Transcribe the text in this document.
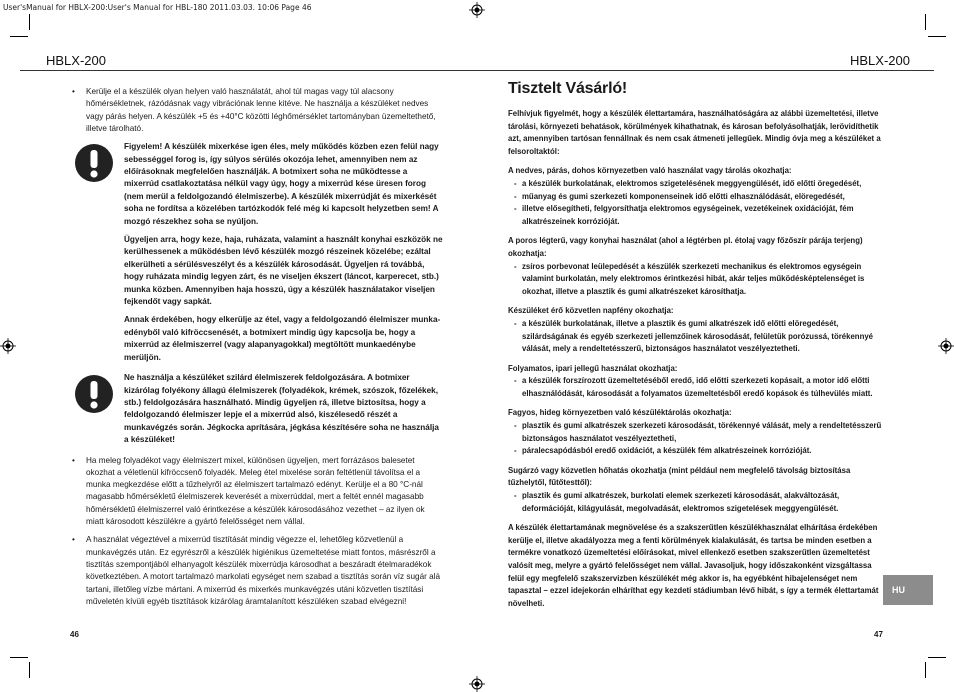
User'sManual for HBLX-200:User's Manual for HBL-180 2011.03.03. 10:06 Page 46
HBLX-200
• Kerülje el a készülék olyan helyen való használatát, ahol túl magas vagy túl alacsony hőmérsékletnek, rázódásnak vagy vibrációnak lenne kitéve. Ne használja a készüléket nedves vagy párás helyen. A készülék +5 és +40°C közötti léghőmérséklet tartományban üzemeltethető, illetve tárolható.

Figyelem! A készülék mixerkése igen éles, mely működés közben ezen felül nagy sebességgel forog is, így súlyos sérülés okozója lehet, amennyiben nem az előírásoknak megfelelően használják. A botmixert soha ne működtesse a mixerrúd csatlakoztatása nélkül vagy úgy, hogy a mixerrúd kése üresen forog (nem merül a feldolgozandó élelmiszerbe). A készülék mixerrúdját és mixerkését soha ne fordítsa a közelében tartózkodók felé még ki kapcsolt helyzetben sem! A mozgó részekhez soha se nyúljon.

Ügyeljen arra, hogy keze, haja, ruházata, valamint a használt konyhai eszközök ne kerülhessenek a működésben lévő készülék mozgó részeinek közelébe; ezáltal elkerülheti a sérülésveszélyt és a készülék károsodását. Ügyeljen rá továbbá, hogy ruházata mindig legyen zárt, és ne viseljen ékszert (láncot, karperecet, stb.) munka közben. Amennyiben haja hosszú, úgy a készülék használatakor viseljen fejkendőt vagy sapkát.

Annak érdekében, hogy elkerülje az étel, vagy a feldolgozandó élelmiszer munka-edényből való kifröccsenését, a botmixert mindig úgy kapcsolja be, hogy a mixerrúd az élelmiszerrel (vagy alapanyagokkal) megtöltött munkaedénybe merüljön.

Ne használja a készüléket szilárd élelmiszerek feldolgozására. A botmixer kizárólag folyékony állagú élelmiszerek (folyadékok, krémek, szószok, főzelékek, stb.) feldolgozására használható. Mindig ügyeljen rá, illetve biztosítsa, hogy a feldolgozandó élelmiszer lepje el a mixerrúd alsó, kiszélesedő részét a munkavégzés során. Jégkocka aprítására, jégkása készítésére soha ne használja a készüléket!

• Ha meleg folyadékot vagy élelmiszert mixel, különösen ügyeljen, mert forrázásos balesetet okozhat a véletlenül kifröccsenő folyadék. Meleg étel mixelése során feltétlenül távolítsa el a munka megkezdése előtt a tűzhelyről az élelmiszert tartalmazó edényt. Kerülje el a 80 °C-nál magasabb hőmérsékletű élelmiszerek keverését a mixerrúddal, mert a feltét ennél magasabb hőmérsékletű élelmiszerrel való érintkezése a készülék károsodásához vezethet – az ilyen ok miatt károsodott készülékre a gyártó felelősséget nem vállal.
• A használat végeztével a mixerrúd tisztítását mindig végezze el, lehetőleg közvetlenül a munkavégzés után. Ez egyrészről a készülék higiénikus üzemeltetése miatt fontos, másrészről a tisztítás szempontjából elhanyagolt készülék mixerrúdja károsodhat a beszáradt ételmaradékok következtében. A motort tartalmazó markolati egységet nem szabad a tisztítás során víz sugár alá tartani, illetőleg vízbe mártani. A mixerrúd és mixerkés munkavégzés utáni közvetlen tisztítási műveletén kívüli egyéb tisztítások kizárólag áramtalanított készüléken szabad elvégezni!
46
HBLX-200
Tisztelt Vásárló!

Felhívjuk figyelmét, hogy a készülék élettartamára, használhatóságára az alábbi üzemeltetési, illetve tárolási, környezeti behatások, körülmények kihathatnak, és károsan befolyásolhatják, lerövidíthetik azt, amennyiben tartósan fennállnak és nem csak átmeneti jellegűek. Mindig óvja meg a készüléket a felsoroltaktól:

A nedves, párás, dohos környezetben való használat vagy tárolás okozhatja:

- a készülék burkolatának, elektromos szigetelésének meggyengülését, idő előtti öregedését,
- műanyag és gumi szerkezeti komponenseinek idő előtti elhasználódását, elöregedését,
- illetve elősegítheti, felgyorsíthatja elektromos egységeinek, vezetékeinek oxidációját, fém alkatrészeinek korrózióját.

A poros légterű, vagy konyhai használat (ahol a légtérben pl. étolaj vagy főzőszír párája terjeng) okozhatja:

- zsíros porbevonat leülepedését a készülék szerkezeti mechanikus és elektromos egységein valamint burkolatán, mely elektromos érintkezési hibát, akár teljes működésképtelenséget is okozhat, illetve a plasztik és gumi alkatrészeket károsíthatja.

Készüléket érő közvetlen napfény okozhatja:

- a készülék burkolatának, illetve a plasztik és gumi alkatrészek idő előtti elöregedését, szilárdságának és egyéb szerkezeti jellemzőinek károsodását, felületük porózussá, törékennyé válását, mely a rendeltetésszerű, biztonságos használatot veszélyeztetheti.

Folyamatos, ipari jellegű használat okozhatja:

- a készülék forszírozott üzemeltetéséből eredő, idő előtti szerkezeti kopásait, a motor idő előtti elhasználódását, károsodását a folyamatos üzemeltetésből eredő kopások és túlhevülés miatt.

Fagyos, hideg környezetben való készüléktárolás okozhatja:

- plasztik és gumi alkatrészek szerkezeti károsodását, törékennyé válását, mely a rendeltetésszerű biztonságos használatot veszélyeztetheti,
- páralecsapódásból eredő oxidációt, a készülék fém alkatrészeinek korrózióját.

Sugárzó vagy közvetlen hőhatás okozhatja (mint például nem megfelelő távolság biztosítása tűzhelytől, fűtőtesttől):

- plasztik és gumi alkatrészek, burkolati elemek szerkezeti károsodását, alakváltozását, deformációját, kilágyulását, megolvadását, elektromos szigetelések meggyengülését.

A készülék élettartamának megnövelése és a szakszerűtlen készülékhasználat elhárítása érdekében kerülje el, illetve akadályozza meg a fenti körülmények kialakulását, és tartsa be minden esetben a termékre vonatkozó üzemeltetési előírásokat, mivel ellenkező esetben szakszerűtlen üzemeltetést valósít meg, melyre a gyártó felelősséget nem vállal. Javasoljuk, hogy időszakonként vizsgáltassa felül egy megfelelő szakszervizben készülékét még akkor is, ha egyébként hibajelenséget nem tapasztal – ezzel idejekorán elháríthat egy kezdeti stádiumban lévő hibát, s így a termék élettartamát növelheti.

HU
47
